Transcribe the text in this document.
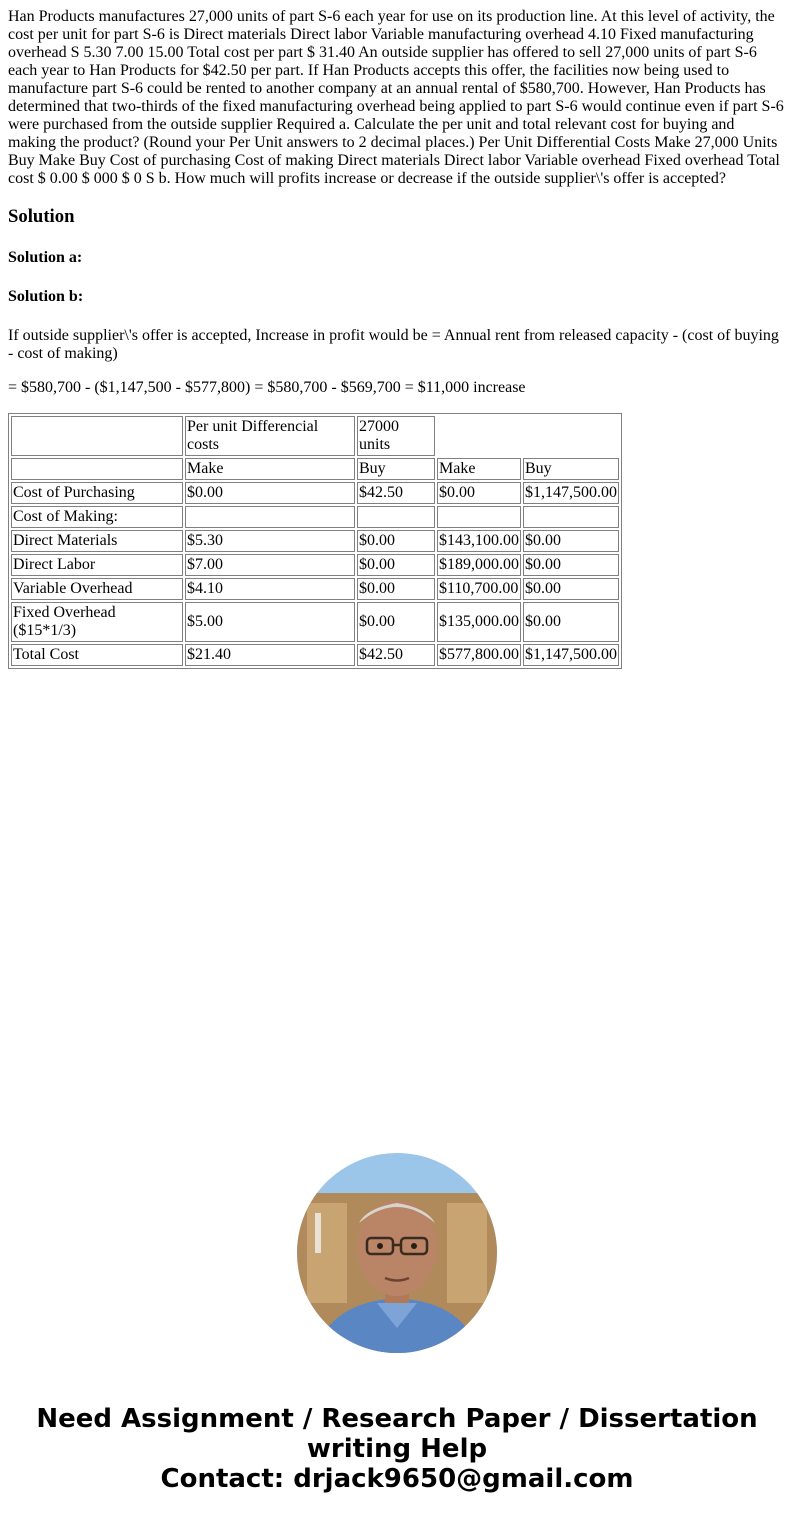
Han Products manufactures 27,000 units of part S-6 each year for use on its production line. At this level of activity, the cost per unit for part S-6 is Direct materials Direct labor Variable manufacturing overhead 4.10 Fixed manufacturing overhead S 5.30 7.00 15.00 Total cost per part $ 31.40 An outside supplier has offered to sell 27,000 units of part S-6 each year to Han Products for $42.50 per part. If Han Products accepts this offer, the facilities now being used to manufacture part S-6 could be rented to another company at an annual rental of $580,700. However, Han Products has determined that two-thirds of the fixed manufacturing overhead being applied to part S-6 would continue even if part S-6 were purchased from the outside supplier Required a. Calculate the per unit and total relevant cost for buying and making the product? (Round your Per Unit answers to 2 decimal places.) Per Unit Differential Costs Make 27,000 Units Buy Make Buy Cost of purchasing Cost of making Direct materials Direct labor Variable overhead Fixed overhead Total cost $ 0.00 $ 000 $ 0 S b. How much will profits increase or decrease if the outside supplier\'s offer is accepted?

Solution
Solution a:
Solution b:

If outside supplier\'s offer is accepted, Increase in profit would be = Annual rent from released capacity - (cost of buying - cost of making)

= $580,700 - ($1,147,500 - $577,800) = $580,700 - $569,700 = $11,000 increase

	Per unit Differencial costs	27000 units		
	Make	Buy	Make	Buy
Cost of Purchasing	$0.00	$42.50	$0.00	$1,147,500.00
Cost of Making:				
Direct Materials	$5.30	$0.00	$143,100.00	$0.00
Direct Labor	$7.00	$0.00	$189,000.00	$0.00
Variable Overhead	$4.10	$0.00	$110,700.00	$0.00
Fixed Overhead ($15*1/3)	$5.00	$0.00	$135,000.00	$0.00
Total Cost	$21.40	$42.50	$577,800.00	$1,147,500.00
Need Assignment / Research Paper / Dissertation
writing Help
Contact: drjack9650@gmail.com
